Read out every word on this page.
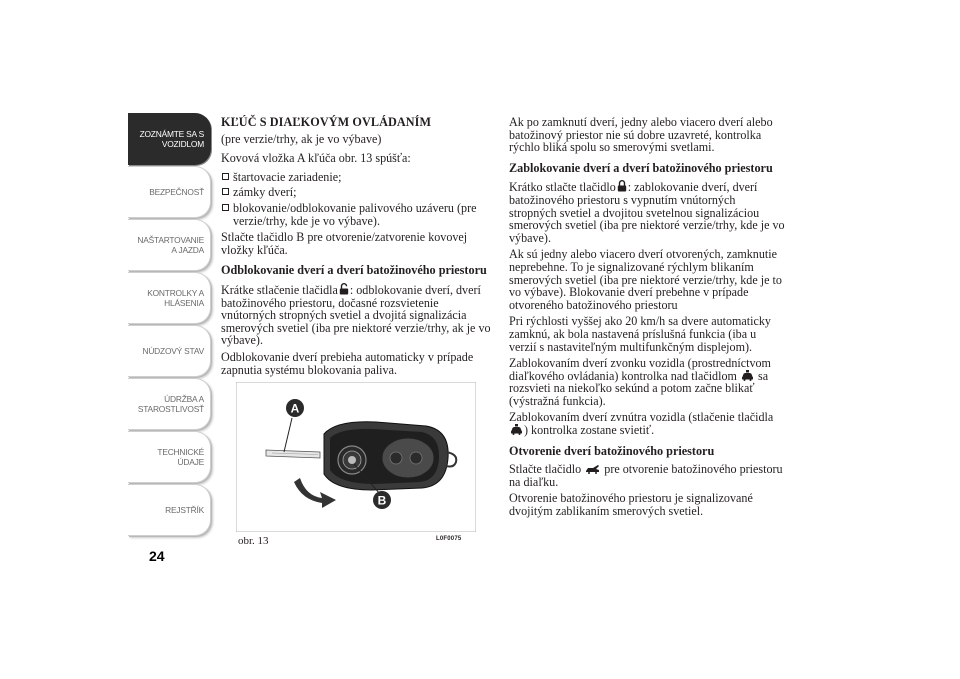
ZOZNÁMTE SA S
VOZIDLOM
BEZPEČNOSŤ
NAŠTARTOVANIE
A JAZDA
KONTROLKY A
HLÁSENIA
NÚDZOVÝ STAV
ÚDRŽBA A
STAROSTLIVOSŤ
TECHNICKÉ
ÚDAJE
REJSTŘÍK
24

KĽÚČ S DIAĽKOVÝM OVLÁDANÍM

(pre verzie/trhy, ak je vo výbave)

Kovová vložka A kľúča obr. 13 spúšťa:

štartovacie zariadenie;

zámky dverí;

blokovanie/odblokovanie palivového uzáveru (pre verzie/trhy, kde je vo výbave).

Stlačte tlačidlo B pre otvorenie/zatvorenie kovovej vložky kľúča.

Odblokovanie dverí a dverí batožinového priestoru

Krátke stlačenie tlačidla : odblokovanie dverí, dverí batožinového priestoru, dočasné rozsvietenie vnútorných stropných svetiel a dvojitá signalizácia smerových svetiel (iba pre niektoré verzie/trhy, ak je vo výbave).

Odblokovanie dverí prebieha automaticky v prípade zapnutia systému blokovania paliva.

A
B
obr. 13	L0F0075

Ak po zamknutí dverí, jedny alebo viacero dverí alebo batožinový priestor nie sú dobre uzavreté, kontrolka rýchlo bliká spolu so smerovými svetlami.

Zablokovanie dverí a dverí batožinového priestoru

Krátko stlačte tlačidlo : zablokovanie dverí, dverí batožinového priestoru s vypnutím vnútorných stropných svetiel a dvojitou svetelnou signalizáciou smerových svetiel (iba pre niektoré verzie/trhy, kde je vo výbave).

Ak sú jedny alebo viacero dverí otvorených, zamknutie neprebehne. To je signalizované rýchlym blikaním smerových svetiel (iba pre niektoré verzie/trhy, kde je to vo výbave). Blokovanie dverí prebehne v prípade otvoreného batožinového priestoru

Pri rýchlosti vyššej ako 20 km/h sa dvere automaticky zamknú, ak bola nastavená príslušná funkcia (iba u verzií s nastaviteľným multifunkčným displejom).

Zablokovaním dverí zvonku vozidla (prostredníctvom diaľkového ovládania) kontrolka nad tlačidlom sa rozsvieti na niekoľko sekúnd a potom začne blikať (výstražná funkcia).

Zablokovaním dverí zvnútra vozidla (stlačenie tlačidla
) kontrolka zostane svietiť.

Otvorenie dverí batožinového priestoru

Stlačte tlačidlo pre otvorenie batožinového priestoru na diaľku.

Otvorenie batožinového priestoru je signalizované dvojitým zablikaním smerových svetiel.
